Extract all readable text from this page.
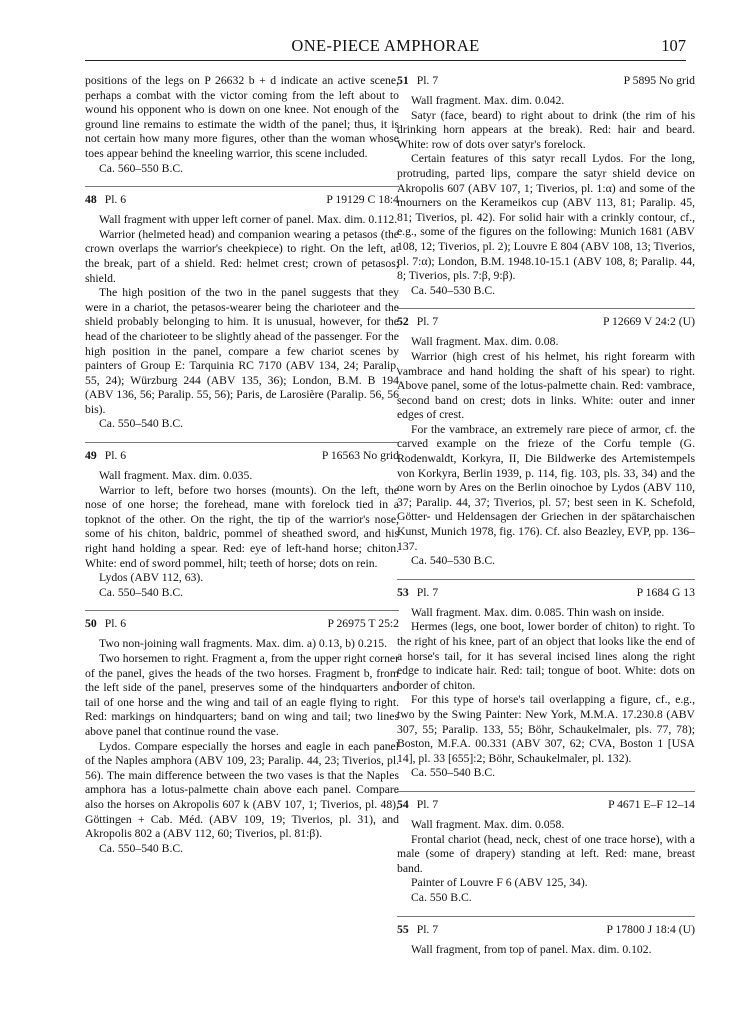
ONE-PIECE AMPHORAE	107

positions of the legs on P 26632 b + d indicate an active scene, perhaps a combat with the victor coming from the left about to wound his opponent who is down on one knee. Not enough of the ground line remains to estimate the width of the panel; thus, it is not certain how many more figures, other than the woman whose toes appear behind the kneeling warrior, this scene included.

Ca. 560–550 B.C.

48 Pl. 6	P 19129 C 18:4

Wall fragment with upper left corner of panel. Max. dim. 0.112.

Warrior (helmeted head) and companion wearing a petasos (the crown overlaps the warrior's cheekpiece) to right. On the left, at the break, part of a shield. Red: helmet crest; crown of petasos; shield.

The high position of the two in the panel suggests that they were in a chariot, the petasos-wearer being the charioteer and the shield probably belonging to him. It is unusual, however, for the head of the charioteer to be slightly ahead of the passenger. For the high position in the panel, compare a few chariot scenes by painters of Group E: Tarquinia RC 7170 (ABV 134, 24; Paralip. 55, 24); Würzburg 244 (ABV 135, 36); London, B.M. B 194 (ABV 136, 56; Paralip. 55, 56); Paris, de Larosière (Paralip. 56, 56 bis).

Ca. 550–540 B.C.

49 Pl. 6	P 16563 No grid

Wall fragment. Max. dim. 0.035.

Warrior to left, before two horses (mounts). On the left, the nose of one horse; the forehead, mane with forelock tied in a topknot of the other. On the right, the tip of the warrior's nose, some of his chiton, baldric, pommel of sheathed sword, and his right hand holding a spear. Red: eye of left-hand horse; chiton. White: end of sword pommel, hilt; teeth of horse; dots on rein.

Lydos (ABV 112, 63).

Ca. 550–540 B.C.

50 Pl. 6	P 26975 T 25:2

Two non-joining wall fragments. Max. dim. a) 0.13, b) 0.215.

Two horsemen to right. Fragment a, from the upper right corner of the panel, gives the heads of the two horses. Fragment b, from the left side of the panel, preserves some of the hindquarters and tail of one horse and the wing and tail of an eagle flying to right. Red: markings on hindquarters; band on wing and tail; two lines above panel that continue round the vase.

Lydos. Compare especially the horses and eagle in each panel of the Naples amphora (ABV 109, 23; Paralip. 44, 23; Tiverios, pl. 56). The main difference between the two vases is that the Naples amphora has a lotus-palmette chain above each panel. Compare also the horses on Akropolis 607 k (ABV 107, 1; Tiverios, pl. 48), Göttingen + Cab. Méd. (ABV 109, 19; Tiverios, pl. 31), and Akropolis 802 a (ABV 112, 60; Tiverios, pl. 81:β).

Ca. 550–540 B.C.

51 Pl. 7	P 5895 No grid

Wall fragment. Max. dim. 0.042.

Satyr (face, beard) to right about to drink (the rim of his drinking horn appears at the break). Red: hair and beard. White: row of dots over satyr's forelock.

Certain features of this satyr recall Lydos. For the long, protruding, parted lips, compare the satyr shield device on Akropolis 607 (ABV 107, 1; Tiverios, pl. 1:α) and some of the mourners on the Kerameikos cup (ABV 113, 81; Paralip. 45, 81; Tiverios, pl. 42). For solid hair with a crinkly contour, cf., e.g., some of the figures on the following: Munich 1681 (ABV 108, 12; Tiverios, pl. 2); Louvre E 804 (ABV 108, 13; Tiverios, pl. 7:α); London, B.M. 1948.10-15.1 (ABV 108, 8; Paralip. 44, 8; Tiverios, pls. 7:β, 9:β).

Ca. 540–530 B.C.

52 Pl. 7	P 12669 V 24:2 (U)

Wall fragment. Max. dim. 0.08.

Warrior (high crest of his helmet, his right forearm with vambrace and hand holding the shaft of his spear) to right. Above panel, some of the lotus-palmette chain. Red: vambrace, second band on crest; dots in links. White: outer and inner edges of crest.

For the vambrace, an extremely rare piece of armor, cf. the carved example on the frieze of the Corfu temple (G. Rodenwaldt, Korkyra, II, Die Bildwerke des Artemistempels von Korkyra, Berlin 1939, p. 114, fig. 103, pls. 33, 34) and the one worn by Ares on the Berlin oinochoe by Lydos (ABV 110, 37; Paralip. 44, 37; Tiverios, pl. 57; best seen in K. Schefold, Götter- und Heldensagen der Griechen in der spätarchaischen Kunst, Munich 1978, fig. 176). Cf. also Beazley, EVP, pp. 136–137.

Ca. 540–530 B.C.

53 Pl. 7	P 1684 G 13

Wall fragment. Max. dim. 0.085. Thin wash on inside.

Hermes (legs, one boot, lower border of chiton) to right. To the right of his knee, part of an object that looks like the end of a horse's tail, for it has several incised lines along the right edge to indicate hair. Red: tail; tongue of boot. White: dots on border of chiton.

For this type of horse's tail overlapping a figure, cf., e.g., two by the Swing Painter: New York, M.M.A. 17.230.8 (ABV 307, 55; Paralip. 133, 55; Böhr, Schaukelmaler, pls. 77, 78); Boston, M.F.A. 00.331 (ABV 307, 62; CVA, Boston 1 [USA 14], pl. 33 [655]:2; Böhr, Schaukelmaler, pl. 132).

Ca. 550–540 B.C.

54 Pl. 7	P 4671 E–F 12–14

Wall fragment. Max. dim. 0.058.

Frontal chariot (head, neck, chest of one trace horse), with a male (some of drapery) standing at left. Red: mane, breast band.

Painter of Louvre F 6 (ABV 125, 34).

Ca. 550 B.C.

55 Pl. 7	P 17800 J 18:4 (U)

Wall fragment, from top of panel. Max. dim. 0.102.
